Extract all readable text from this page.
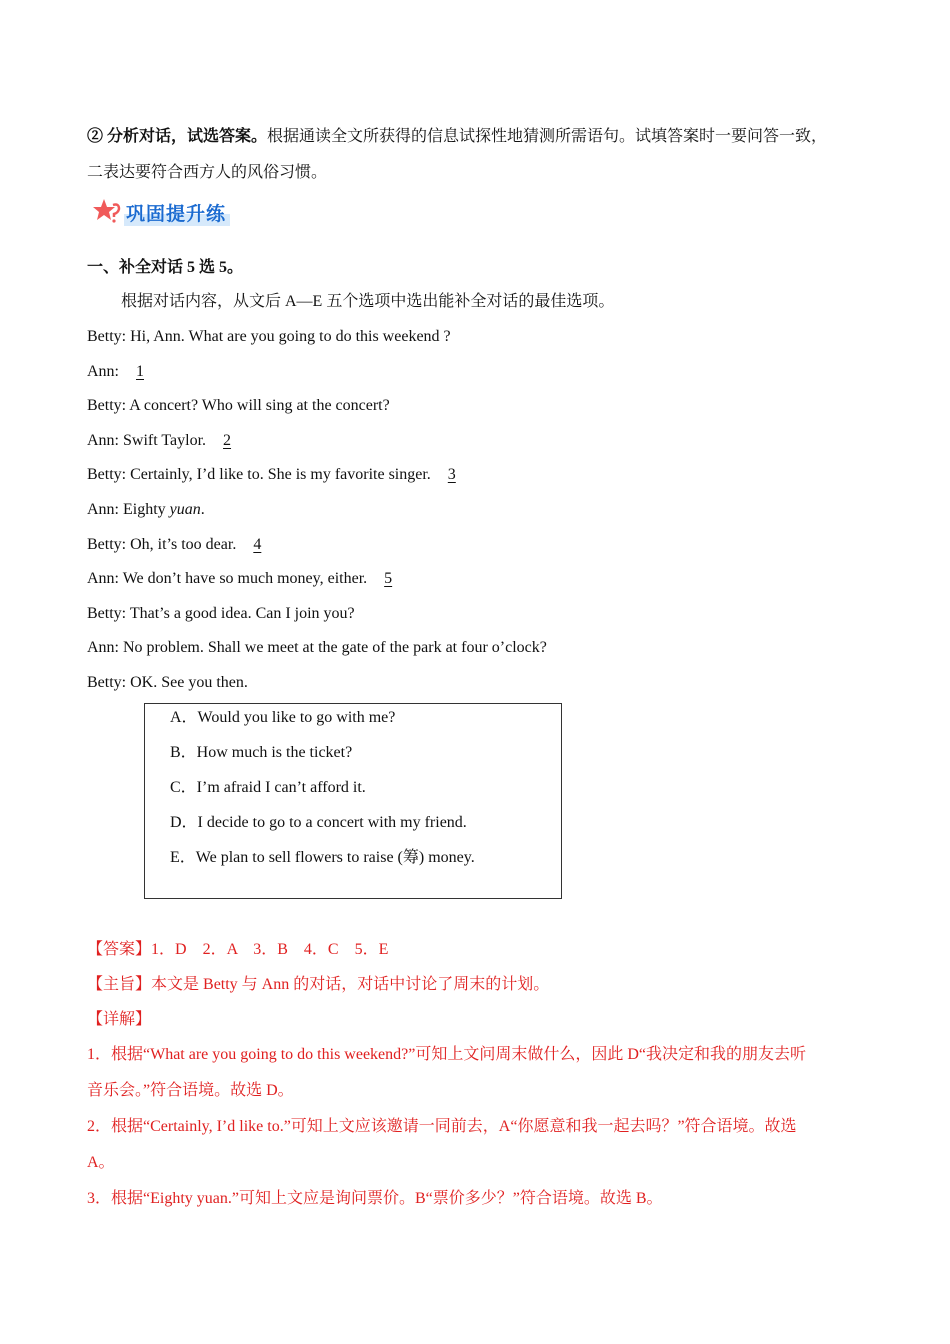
② 分析对话，试选答案。根据通读全文所获得的信息试探性地猜测所需语句。试填答案时一要问答一致，
二表达要符合西方人的风俗习惯。
巩固提升练
一、补全对话 5 选 5。
根据对话内容，从文后 A—E 五个选项中选出能补全对话的最佳选项。
Betty: Hi, Ann. What are you going to do this weekend ?
Ann: 1
Betty: A concert? Who will sing at the concert?
Ann: Swift Taylor. 2
Betty: Certainly, I’d like to. She is my favorite singer. 3
Ann: Eighty yuan.
Betty: Oh, it’s too dear. 4
Ann: We don’t have so much money, either. 5
Betty: That’s a good idea. Can I join you?
Ann: No problem. Shall we meet at the gate of the park at four o’clock?
Betty: OK. See you then.
A．Would you like to go with me?
B．How much is the ticket?
C．I’m afraid I can’t afford it.
D．I decide to go to a concert with my friend.
E．We plan to sell flowers to raise (筹) money.
【答案】1．D　2．A　3．B　4．C　5．E
【主旨】本文是 Betty 与 Ann 的对话，对话中讨论了周末的计划。
【详解】
1．根据“What are you going to do this weekend?”可知上文问周末做什么，因此 D“我决定和我的朋友去听
音乐会。”符合语境。故选 D。
2．根据“Certainly, I’d like to.”可知上文应该邀请一同前去，A“你愿意和我一起去吗？”符合语境。故选
A。
3．根据“Eighty yuan.”可知上文应是询问票价。B“票价多少？”符合语境。故选 B。
